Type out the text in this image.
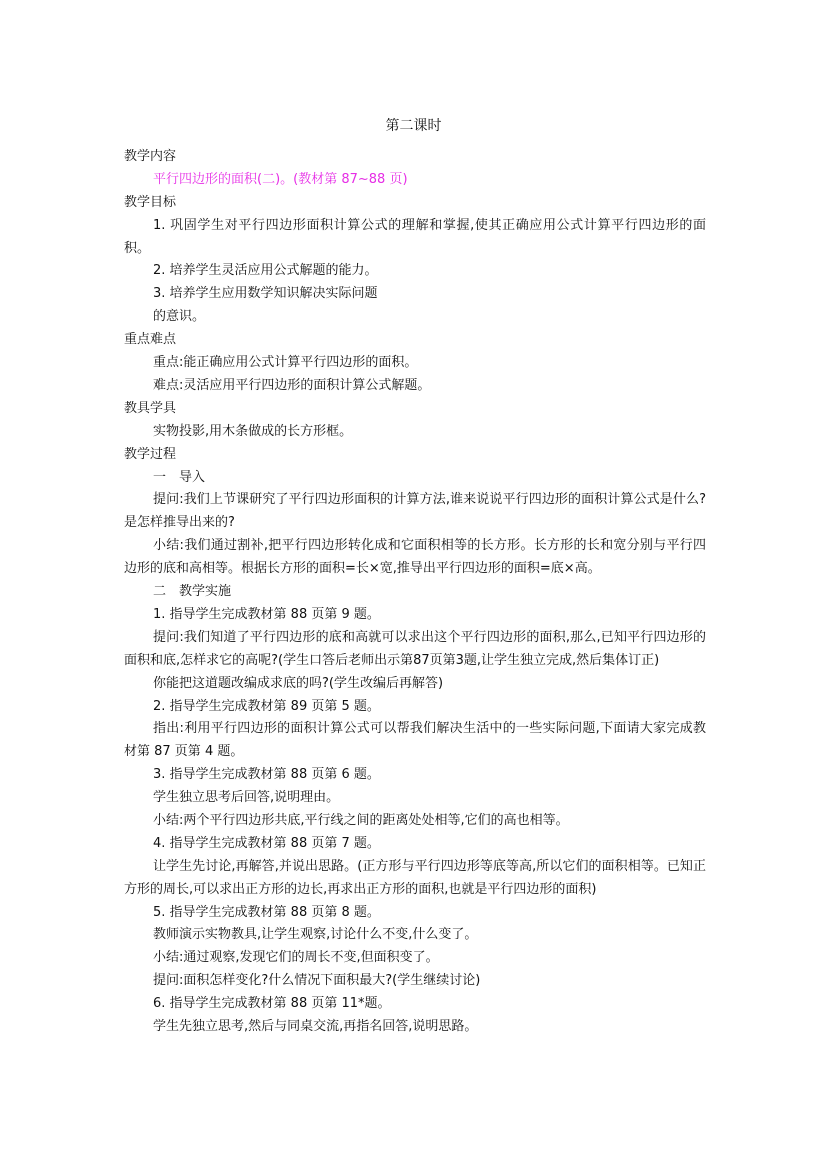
第二课时
教学内容
平行四边形的面积(二)。(教材第 87~88 页)
教学目标
1. 巩固学生对平行四边形面积计算公式的理解和掌握,使其正确应用公式计算平行四边形的面积。
2. 培养学生灵活应用公式解题的能力。
3. 培养学生应用数学知识解决实际问题
的意识。
重点难点
重点:能正确应用公式计算平行四边形的面积。
难点:灵活应用平行四边形的面积计算公式解题。
教具学具
实物投影,用木条做成的长方形框。
教学过程
一　导入
提问:我们上节课研究了平行四边形面积的计算方法,谁来说说平行四边形的面积计算公式是什么?是怎样推导出来的?
小结:我们通过割补,把平行四边形转化成和它面积相等的长方形。长方形的长和宽分别与平行四边形的底和高相等。根据长方形的面积=长×宽,推导出平行四边形的面积=底×高。
二　教学实施
1. 指导学生完成教材第 88 页第 9 题。
提问:我们知道了平行四边形的底和高就可以求出这个平行四边形的面积,那么,已知平行四边形的面积和底,怎样求它的高呢?(学生口答后老师出示第87页第3题,让学生独立完成,然后集体订正)
你能把这道题改编成求底的吗?(学生改编后再解答)
2. 指导学生完成教材第 89 页第 5 题。
指出:利用平行四边形的面积计算公式可以帮我们解决生活中的一些实际问题,下面请大家完成教材第 87 页第 4 题。
3. 指导学生完成教材第 88 页第 6 题。
学生独立思考后回答,说明理由。
小结:两个平行四边形共底,平行线之间的距离处处相等,它们的高也相等。
4. 指导学生完成教材第 88 页第 7 题。
让学生先讨论,再解答,并说出思路。(正方形与平行四边形等底等高,所以它们的面积相等。已知正方形的周长,可以求出正方形的边长,再求出正方形的面积,也就是平行四边形的面积)
5. 指导学生完成教材第 88 页第 8 题。
教师演示实物教具,让学生观察,讨论什么不变,什么变了。
小结:通过观察,发现它们的周长不变,但面积变了。
提问:面积怎样变化?什么情况下面积最大?(学生继续讨论)
6. 指导学生完成教材第 88 页第 11*题。
学生先独立思考,然后与同桌交流,再指名回答,说明思路。
